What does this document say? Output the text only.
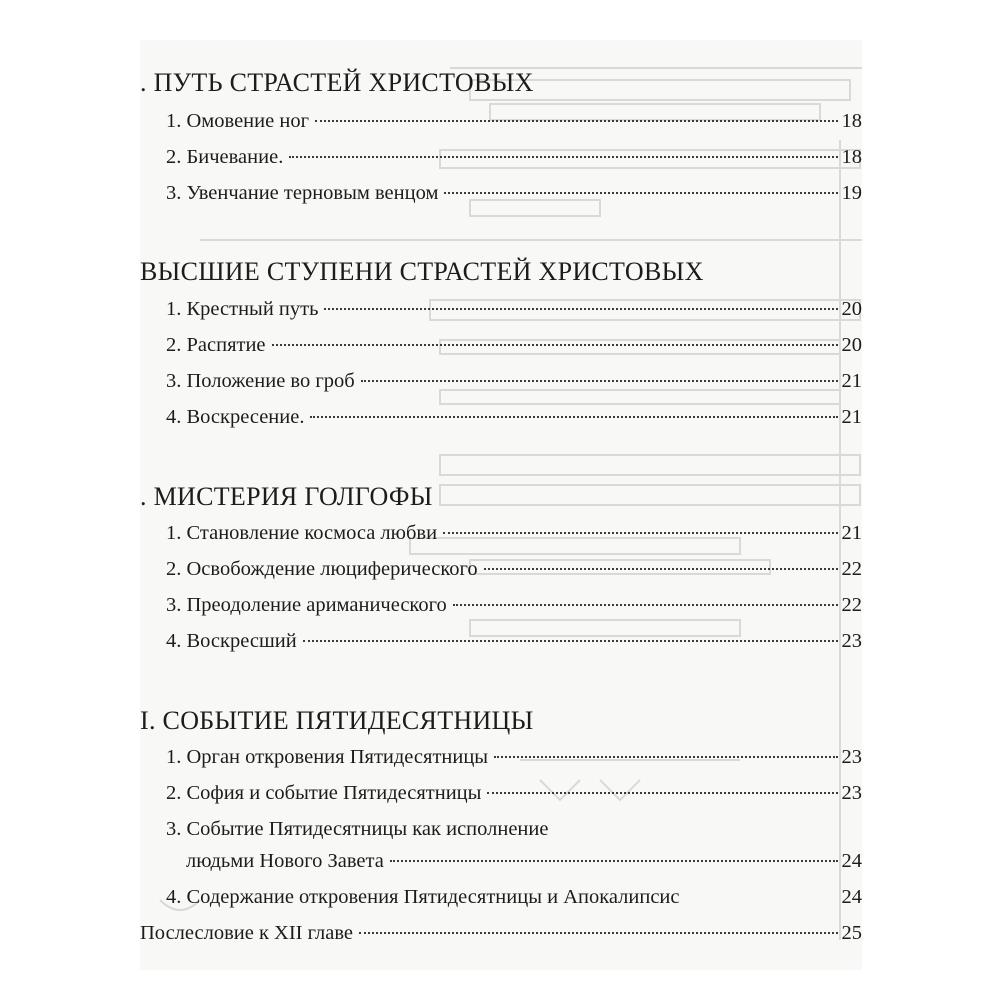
. ПУТЬ СТРАСТЕЙ ХРИСТОВЫХ
1. Омовение ног	18
2. Бичевание.	18
3. Увенчание терновым венцом	19
ВЫСШИЕ СТУПЕНИ СТРАСТЕЙ ХРИСТОВЫХ
1. Крестный путь	20
2. Распятие	20
3. Положение во гроб	21
4. Воскресение.	21
. МИСТЕРИЯ ГОЛГОФЫ
1. Становление космоса любви	21
2. Освобождение люциферического	22
3. Преодоление ариманического	22
4. Воскресший	23
I. СОБЫТИЕ ПЯТИДЕСЯТНИЦЫ
1. Орган откровения Пятидесятницы	23
2. София и событие Пятидесятницы	23
3. Событие Пятидесятницы как исполнение
людьми Нового Завета	24
4. Содержание откровения Пятидесятницы и Апокалипсис	24
Послесловие к XII главе	25
